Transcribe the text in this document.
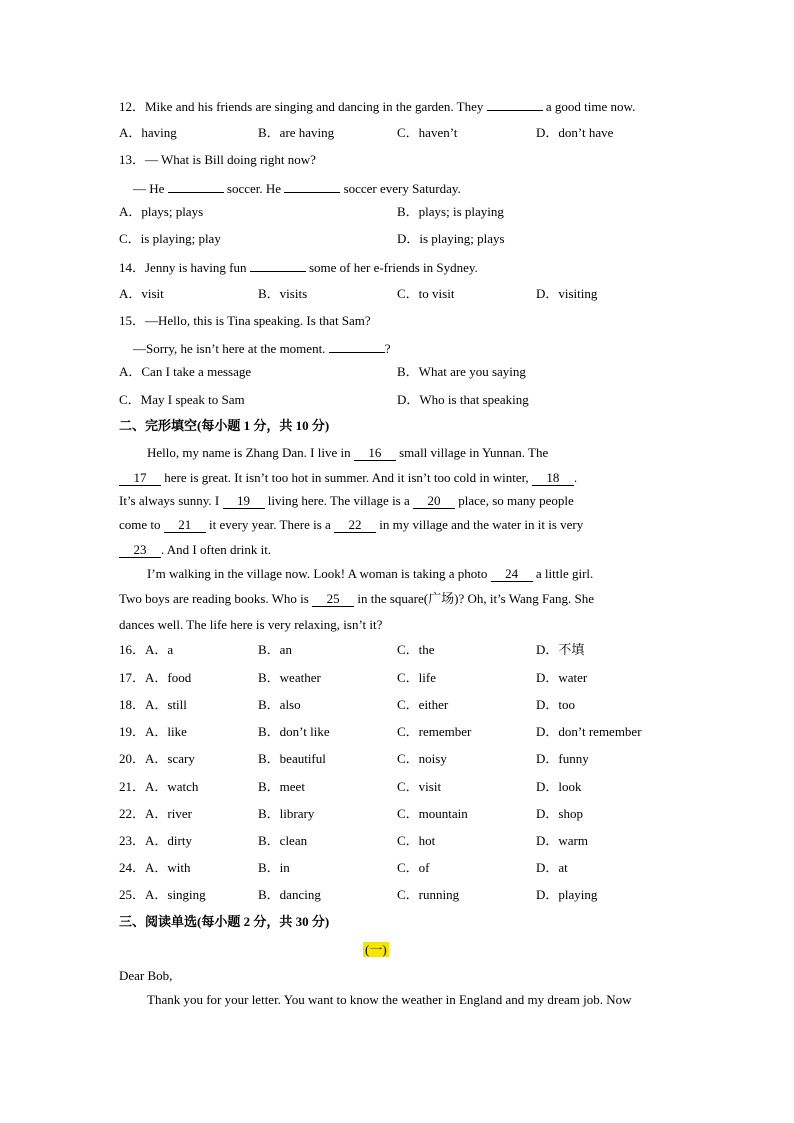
12．Mike and his friends are singing and dancing in the garden. They	a good time now.
A．having	B．are having	C．haven’t	D．don’t have
13．— What is Bill doing right now?
— He	soccer. He	soccer every Saturday.
A．plays; plays	B．plays; is playing
C．is playing; play	D．is playing; plays
14．Jenny is having fun	some of her e-friends in Sydney.
A．visit	B．visits	C．to visit	D．visiting
15．—Hello, this is Tina speaking. Is that Sam?
—Sorry, he isn’t here at the moment.	?
A．Can I take a message	B．What are you saying
C．May I speak to Sam	D．Who is that speaking
二、完形填空(每小题 1 分，共 10 分)
Hello, my name is Zhang Dan. I live in 16 small village in Yunnan. The
17 here is great. It isn’t too hot in summer. And it isn’t too cold in winter, 18 .
It’s always sunny. I 19 living here. The village is a 20 place, so many people
come to 21 it every year. There is a 22 in my village and the water in it is very
23 . And I often drink it.
I’m walking in the village now. Look! A woman is taking a photo 24 a little girl.
Two boys are reading books. Who is 25 in the square(广场)? Oh, it’s Wang Fang. She
dances well. The life here is very relaxing, isn’t it?
16．A．a	B．an	C．the	D．不填
17．A．food	B．weather	C．life	D．water
18．A．still	B．also	C．either	D．too
19．A．like	B．don’t like	C．remember	D．don’t remember
20．A．scary	B．beautiful	C．noisy	D．funny
21．A．watch	B．meet	C．visit	D．look
22．A．river	B．library	C．mountain	D．shop
23．A．dirty	B．clean	C．hot	D．warm
24．A．with	B．in	C．of	D．at
25．A．singing	B．dancing	C．running	D．playing
三、阅读单选(每小题 2 分，共 30 分)
(一)
Dear Bob,
Thank you for your letter. You want to know the weather in England and my dream job. Now
